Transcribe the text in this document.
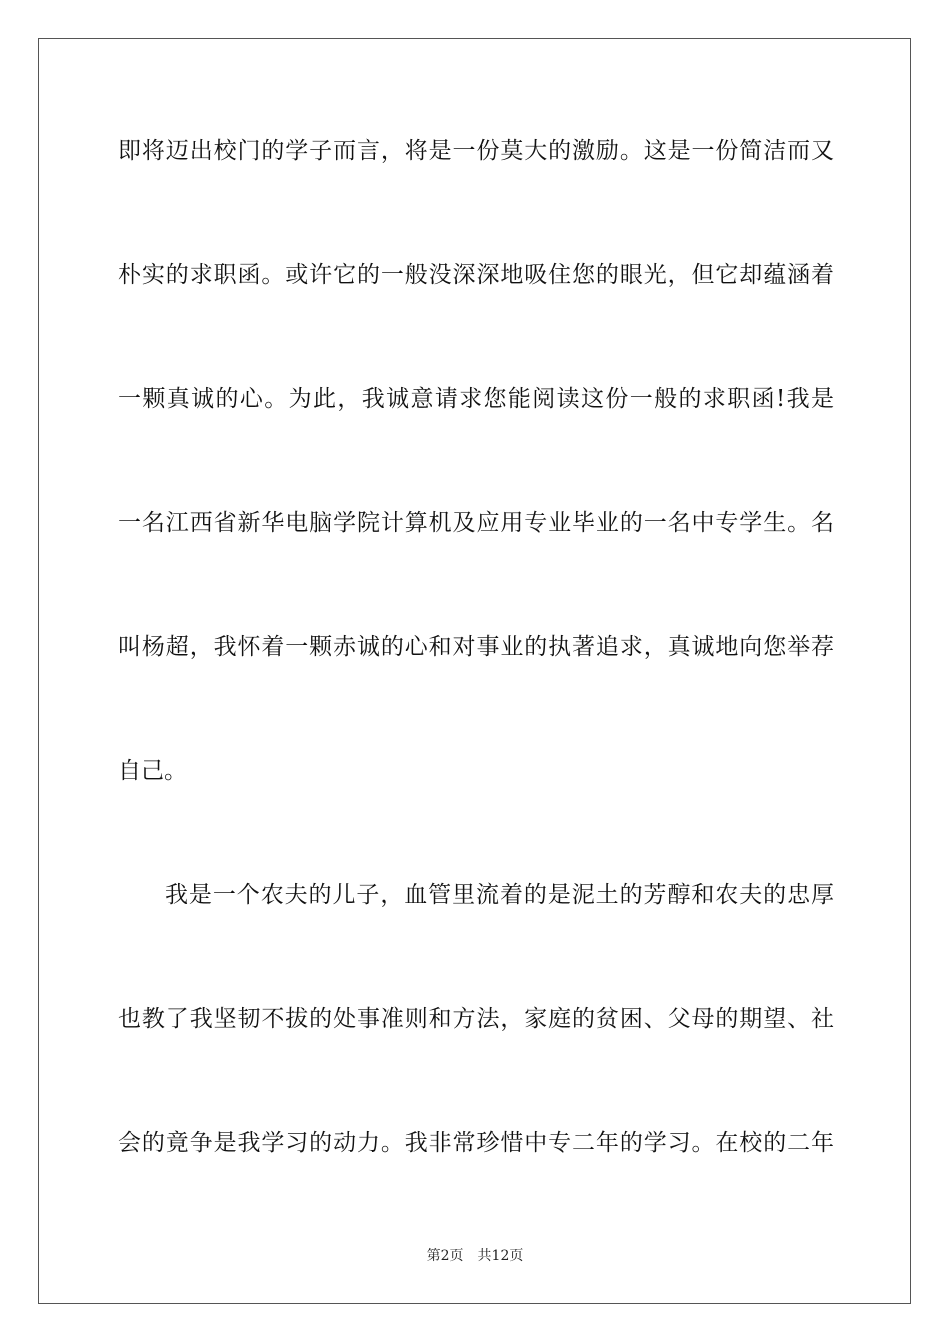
即将迈出校门的学子而言，将是一份莫大的激励。这是一份简洁而又
朴实的求职函。或许它的一般没深深地吸住您的眼光，但它却蕴涵着
一颗真诚的心。为此，我诚意请求您能阅读这份一般的求职函!我是
一名江西省新华电脑学院计算机及应用专业毕业的一名中专学生。名
叫杨超，我怀着一颗赤诚的心和对事业的执著追求，真诚地向您举荐
自己。
我是一个农夫的儿子，血管里流着的是泥土的芳醇和农夫的忠厚
也教了我坚韧不拔的处事准则和方法，家庭的贫困、父母的期望、社
会的竟争是我学习的动力。我非常珍惜中专二年的学习。在校的二年
第2页 共12页
